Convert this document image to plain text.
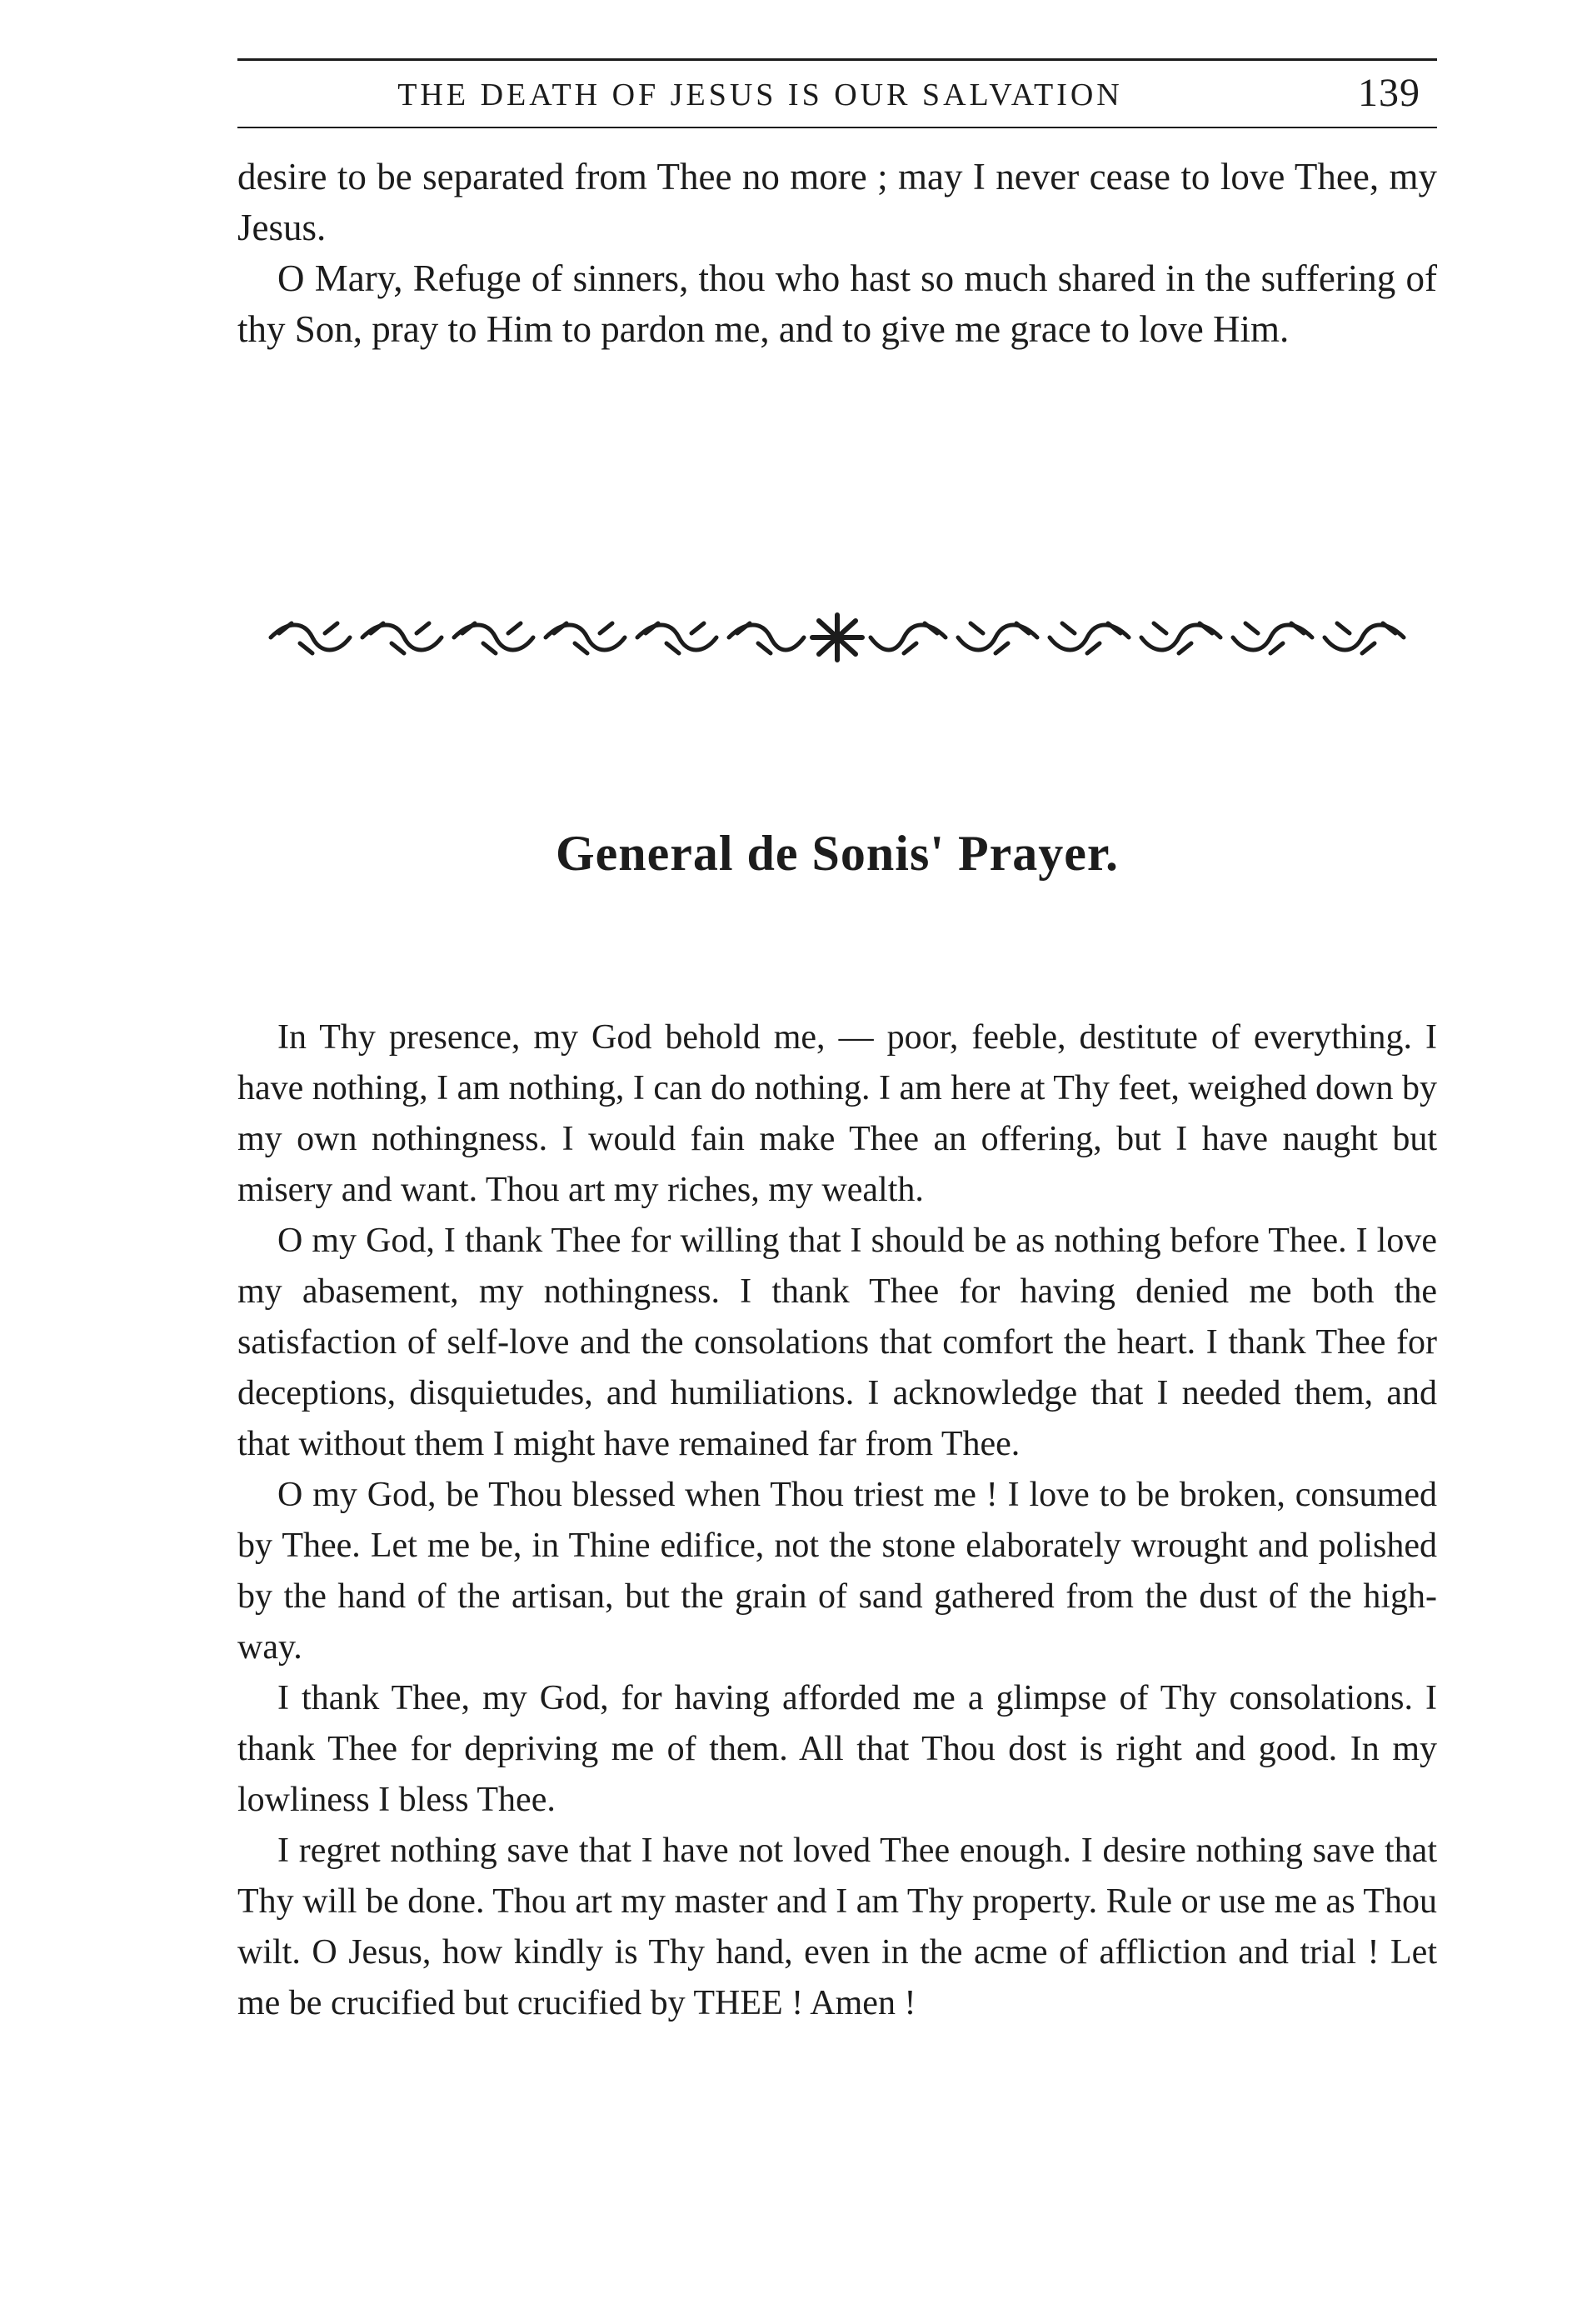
THE DEATH OF JESUS IS OUR SALVATION	139

desire to be separated from Thee no more ; may I never cease to love Thee, my Jesus.

O Mary, Refuge of sinners, thou who hast so much shared in the suffering of thy Son, pray to Him to pardon me, and to give me grace to love Him.

General de Sonis' Prayer.

In Thy presence, my God behold me, — poor, feeble, destitute of everything. I have nothing, I am nothing, I can do nothing. I am here at Thy feet, weighed down by my own nothingness. I would fain make Thee an offering, but I have naught but misery and want. Thou art my riches, my wealth.

O my God, I thank Thee for willing that I should be as nothing before Thee. I love my abasement, my nothingness. I thank Thee for having denied me both the satisfaction of self-love and the consolations that comfort the heart. I thank Thee for deceptions, disquietudes, and humiliations. I acknowledge that I needed them, and that without them I might have remained far from Thee.

O my God, be Thou blessed when Thou triest me ! I love to be broken, consumed by Thee. Let me be, in Thine edifice, not the stone elaborately wrought and polished by the hand of the artisan, but the grain of sand gathered from the dust of the high-way.

I thank Thee, my God, for having afforded me a glimpse of Thy consolations. I thank Thee for depriving me of them. All that Thou dost is right and good. In my lowliness I bless Thee.

I regret nothing save that I have not loved Thee enough. I desire nothing save that Thy will be done. Thou art my master and I am Thy property. Rule or use me as Thou wilt. O Jesus, how kindly is Thy hand, even in the acme of affliction and trial ! Let me be crucified but crucified by THEE ! Amen !
